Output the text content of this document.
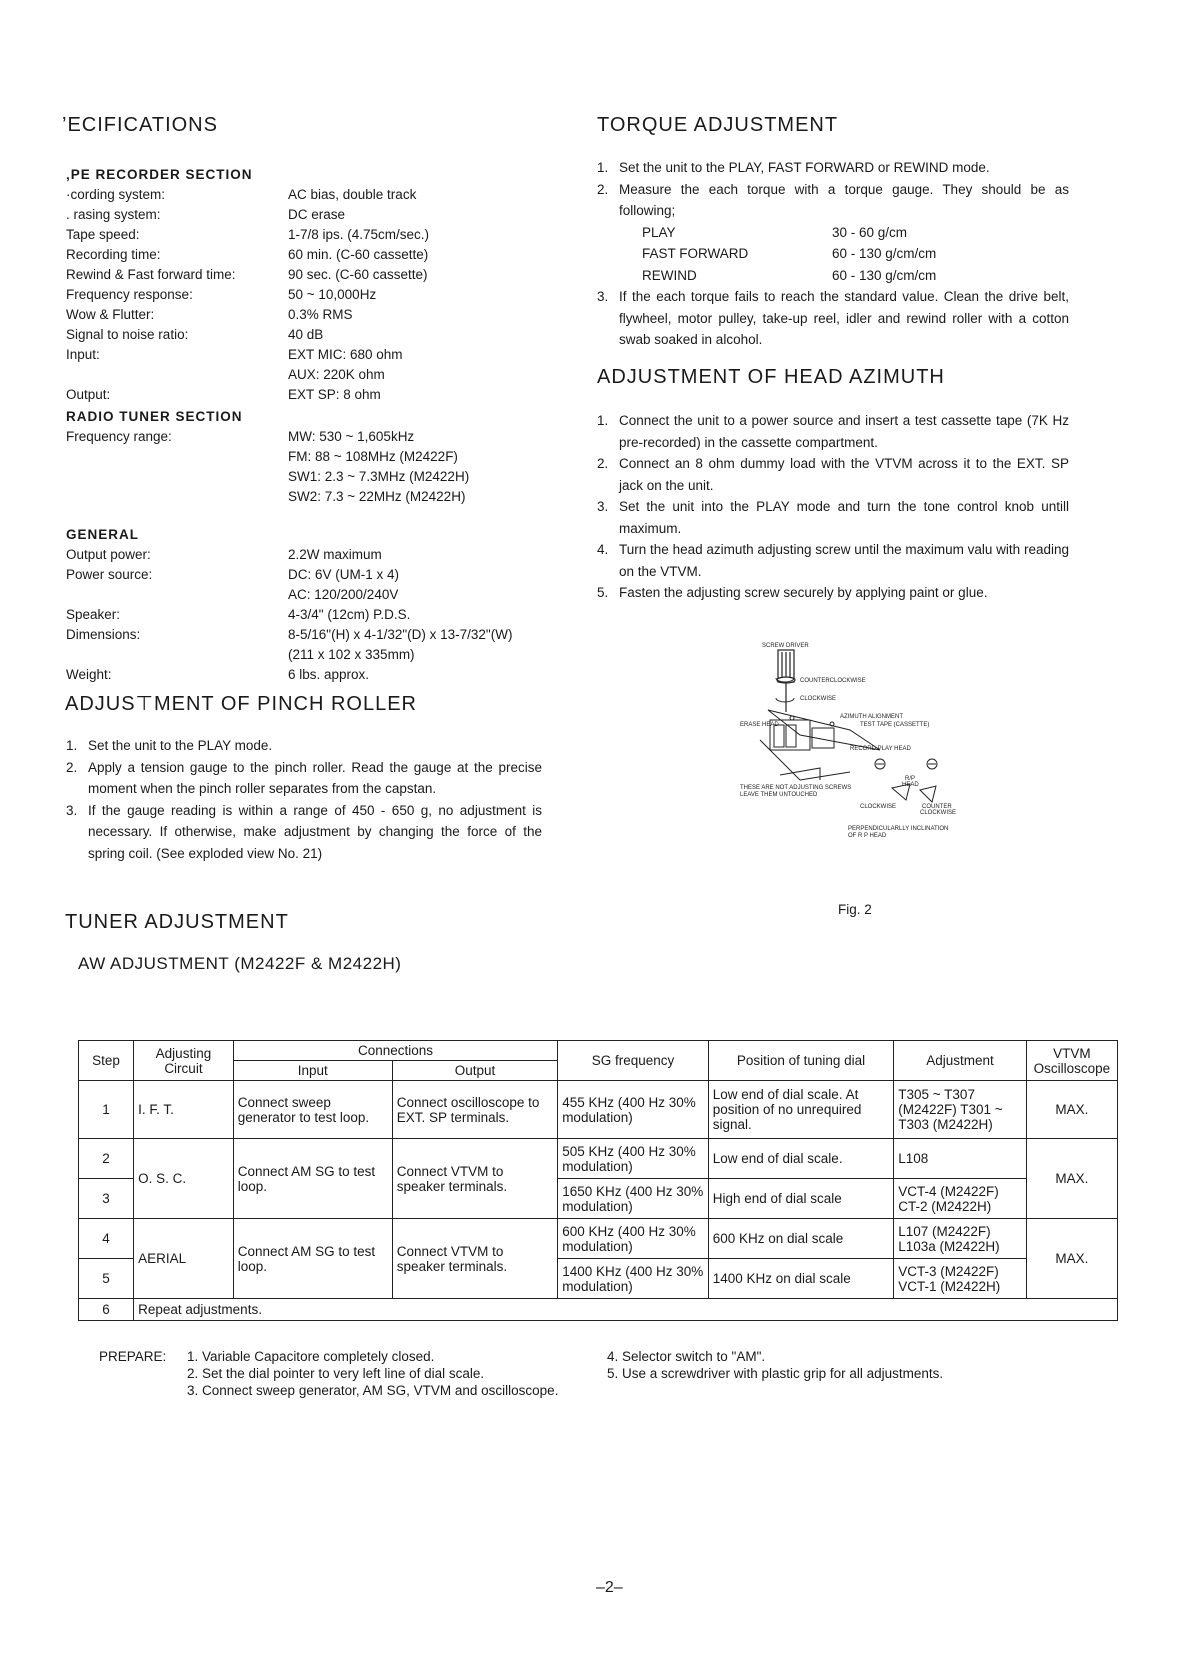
’ECIFICATIONS
‚PE RECORDER SECTION
·cording system:	AC bias, double track
. rasing system:	DC erase
Tape speed:	1-7/8 ips. (4.75cm/sec.)
Recording time:	60 min. (C-60 cassette)
Rewind & Fast forward time:	90 sec. (C-60 cassette)
Frequency response:	50 ~ 10,000Hz
Wow & Flutter:	0.3% RMS
Signal to noise ratio:	40 dB
Input:	EXT MIC: 680 ohm
AUX: 220K ohm
Output:	EXT SP: 8 ohm
RADIO TUNER SECTION
Frequency range:	MW: 530 ~ 1,605kHz
FM: 88 ~ 108MHz (M2422F)
SW1: 2.3 ~ 7.3MHz (M2422H)
SW2: 7.3 ~ 22MHz (M2422H)
GENERAL
Output power:	2.2W maximum
Power source:	DC: 6V (UM-1 x 4)
AC: 120/200/240V
Speaker:	4-3/4" (12cm) P.D.S.
Dimensions:	8-5/16"(H) x 4-1/32"(D) x 13-7/32"(W)
(211 x 102 x 335mm)
Weight:	6 lbs. approx.
ADJUS⊤MENT OF PINCH ROLLER
1. Set the unit to the PLAY mode.
2. Apply a tension gauge to the pinch roller. Read the gauge at the precise moment when the pinch roller separates from the capstan.
3. If the gauge reading is within a range of 450 - 650 g, no adjustment is necessary. If otherwise, make adjustment by changing the force of the spring coil. (See exploded view No. 21)
TORQUE ADJUSTMENT
1. Set the unit to the PLAY, FAST FORWARD or REWIND mode.
2. Measure the each torque with a torque gauge. They should be as following;
PLAY	30 - 60 g/cm
FAST FORWARD	60 - 130 g/cm/cm
REWIND	60 - 130 g/cm/cm
3. If the each torque fails to reach the standard value. Clean the drive belt, flywheel, motor pulley, take-up reel, idler and rewind roller with a cotton swab soaked in alcohol.
ADJUSTMENT OF HEAD AZIMUTH
1. Connect the unit to a power source and insert a test cassette tape (7K Hz pre-recorded) in the cassette compartment.
2. Connect an 8 ohm dummy load with the VTVM across it to the EXT. SP jack on the unit.
3. Set the unit into the PLAY mode and turn the tone control knob untill maximum.
4. Turn the head azimuth adjusting screw until the maximum valu with reading on the VTVM.
5. Fasten the adjusting screw securely by applying paint or glue.
SCREW DRIVER
COUNTERCLOCKWISE
CLOCKWISE
AZIMUTH ALIGNMENT
TEST TAPE (CASSETTE)
ERASE HEAD
RECORD PLAY HEAD
R/P
HEAD
THESE ARE NOT ADJUSTING SCREWS
LEAVE THEM UNTOUCHED
CLOCKWISE	COUNTER
CLOCKWISE
PERPENDICULARLLY INCLINATION
OF R P HEAD
Fig. 2
TUNER ADJUSTMENT
AW ADJUSTMENT (M2422F & M2422H)
Step	Adjusting Circuit	Connections		SG frequency	Position of tuning dial	Adjustment	VTVM Oscilloscope
		Input	Output				
1	I. F. T.	Connect sweep generator to test loop.	Connect oscilloscope to EXT. SP terminals.	455 KHz (400 Hz 30% modulation)	Low end of dial scale. At position of no unrequired signal.	T305 ~ T307 (M2422F) T301 ~ T303 (M2422H)	MAX.
2	O. S. C.	Connect AM SG to test loop.	Connect VTVM to speaker terminals.	505 KHz (400 Hz 30% modulation)	Low end of dial scale.	L108	MAX.
3				1650 KHz (400 Hz 30% modulation)	High end of dial scale	VCT-4 (M2422F) CT-2 (M2422H)	
4	AERIAL	Connect AM SG to test loop.	Connect VTVM to speaker terminals.	600 KHz (400 Hz 30% modulation)	600 KHz on dial scale	L107 (M2422F) L103a (M2422H)	MAX.
5				1400 KHz (400 Hz 30% modulation)	1400 KHz on dial scale	VCT-3 (M2422F) VCT-1 (M2422H)	
6	Repeat adjustments.						
PREPARE:	1. Variable Capacitore completely closed.	4. Selector switch to "AM".
2. Set the dial pointer to very left line of dial scale.	5. Use a screwdriver with plastic grip for all adjustments.
3. Connect sweep generator, AM SG, VTVM and oscilloscope.
–2–
